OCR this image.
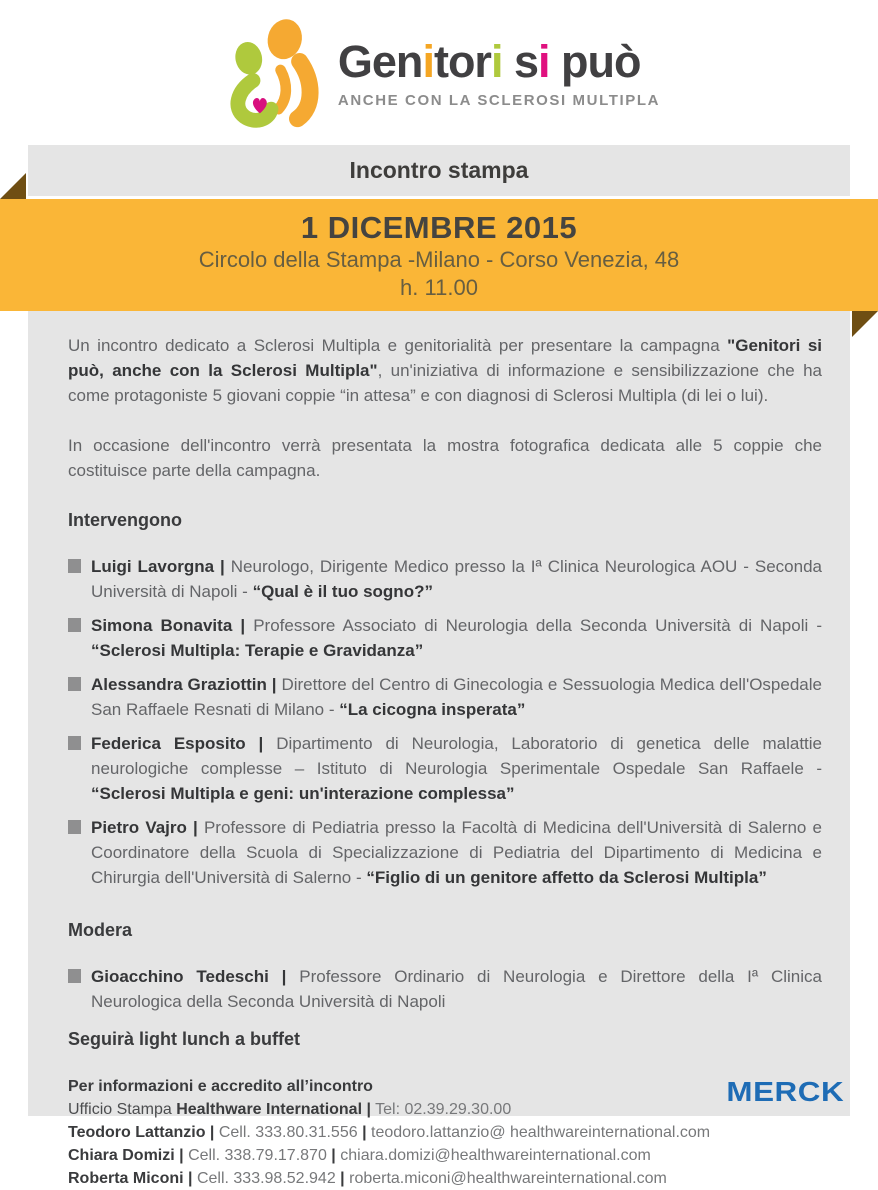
Genitori si può
ANCHE CON LA SCLEROSI MULTIPLA
Incontro stampa
1 DICEMBRE 2015
Circolo della Stampa -Milano - Corso Venezia, 48
h. 11.00

Un incontro dedicato a Sclerosi Multipla e genitorialità per presentare la campagna "Genitori si può, anche con la Sclerosi Multipla", un'iniziativa di informazione e sensibilizzazione che ha come protagoniste 5 giovani coppie “in attesa” e con diagnosi di Sclerosi Multipla (di lei o lui).

In occasione dell'incontro verrà presentata la mostra fotografica dedicata alle 5 coppie che costituisce parte della campagna.

Intervengono
Luigi Lavorgna | Neurologo, Dirigente Medico presso la Iª Clinica Neurologica AOU - Seconda Università di Napoli - “Qual è il tuo sogno?”
Simona Bonavita | Professore Associato di Neurologia della Seconda Università di Napoli - “Sclerosi Multipla: Terapie e Gravidanza”
Alessandra Graziottin | Direttore del Centro di Ginecologia e Sessuologia Medica dell'Ospedale San Raffaele Resnati di Milano - “La cicogna insperata”
Federica Esposito | Dipartimento di Neurologia, Laboratorio di genetica delle malattie neurologiche complesse – Istituto di Neurologia Sperimentale Ospedale San Raffaele - “Sclerosi Multipla e geni: un'interazione complessa”
Pietro Vajro | Professore di Pediatria presso la Facoltà di Medicina dell'Università di Salerno e Coordinatore della Scuola di Specializzazione di Pediatria del Dipartimento di Medicina e Chirurgia dell'Università di Salerno - “Figlio di un genitore affetto da Sclerosi Multipla”
Modera
Gioacchino Tedeschi | Professore Ordinario di Neurologia e Direttore della Iª Clinica Neurologica della Seconda Università di Napoli
Seguirà light lunch a buffet
Per informazioni e accredito all’incontro
Ufficio Stampa Healthware International | Tel: 02.39.29.30.00
Teodoro Lattanzio | Cell. 333.80.31.556 | teodoro.lattanzio@ healthwareinternational.com
Chiara Domizi | Cell. 338.79.17.870 | chiara.domizi@healthwareinternational.com
Roberta Miconi | Cell. 333.98.52.942 | roberta.miconi@healthwareinternational.com
MERCK
